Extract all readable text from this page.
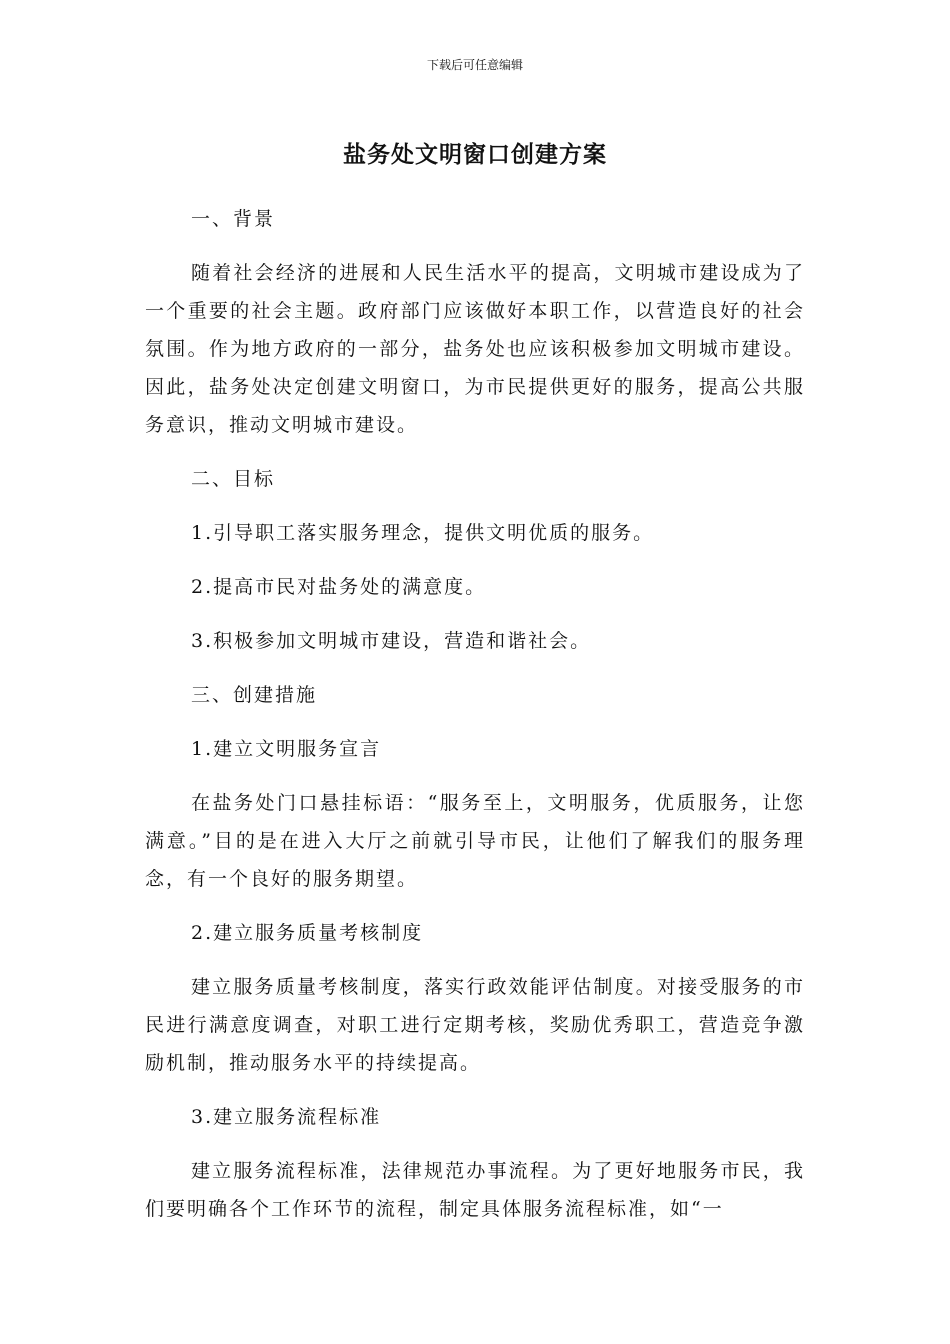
下载后可任意编辑
盐务处文明窗口创建方案

一、背景

随着社会经济的进展和人民生活水平的提高，文明城市建设成为了一个重要的社会主题。政府部门应该做好本职工作，以营造良好的社会氛围。作为地方政府的一部分，盐务处也应该积极参加文明城市建设。因此，盐务处决定创建文明窗口，为市民提供更好的服务，提高公共服务意识，推动文明城市建设。

二、目标

1.引导职工落实服务理念，提供文明优质的服务。

2.提高市民对盐务处的满意度。

3.积极参加文明城市建设，营造和谐社会。

三、创建措施

1.建立文明服务宣言

在盐务处门口悬挂标语：“服务至上，文明服务，优质服务，让您满意。”目的是在进入大厅之前就引导市民，让他们了解我们的服务理念，有一个良好的服务期望。

2.建立服务质量考核制度

建立服务质量考核制度，落实行政效能评估制度。对接受服务的市民进行满意度调查，对职工进行定期考核，奖励优秀职工，营造竞争激励机制，推动服务水平的持续提高。

3.建立服务流程标准

建立服务流程标准，法律规范办事流程。为了更好地服务市民，我们要明确各个工作环节的流程，制定具体服务流程标准，如“一
